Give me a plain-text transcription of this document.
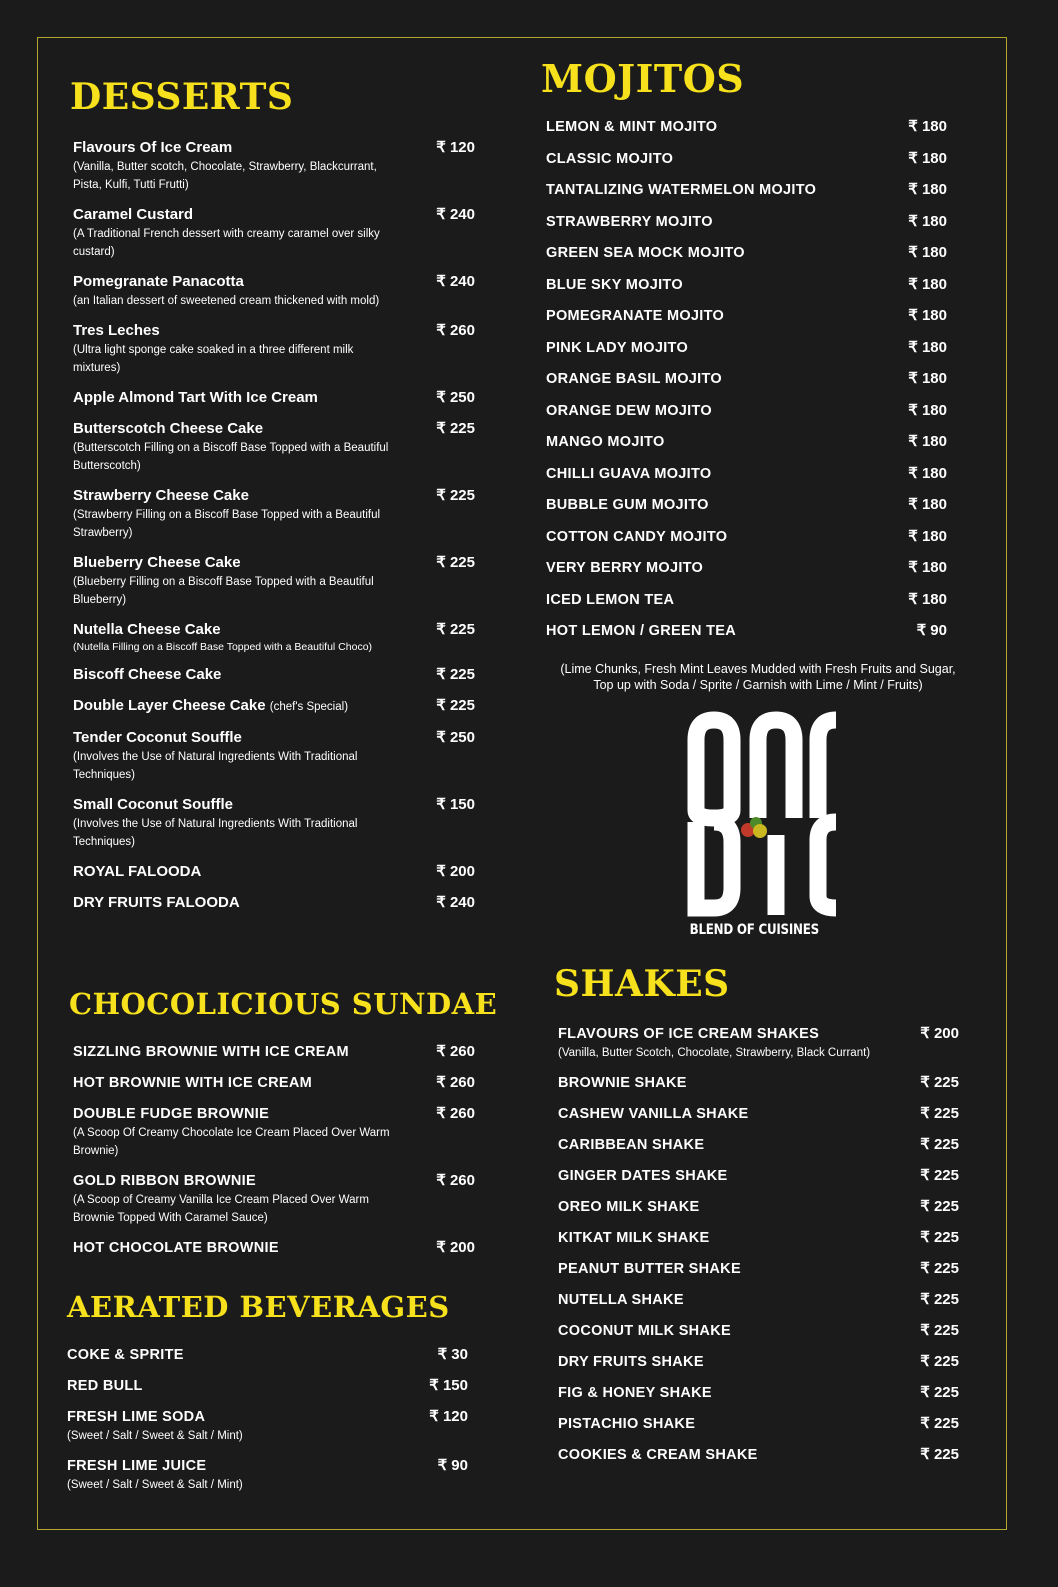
DESSERTS
Flavours Of Ice Cream	₹ 120
(Vanilla, Butter scotch, Chocolate, Strawberry, Blackcurrant, Pista, Kulfi, Tutti Frutti)
Caramel Custard	₹ 240
(A Traditional French dessert with creamy caramel over silky custard)
Pomegranate Panacotta	₹ 240
(an Italian dessert of sweetened cream thickened with mold)
Tres Leches	₹ 260
(Ultra light sponge cake soaked in a three different milk mixtures)
Apple Almond Tart With Ice Cream	₹ 250
Butterscotch Cheese Cake	₹ 225
(Butterscotch Filling on a Biscoff Base Topped with a Beautiful Butterscotch)
Strawberry Cheese Cake	₹ 225
(Strawberry Filling on a Biscoff Base Topped with a Beautiful Strawberry)
Blueberry Cheese Cake	₹ 225
(Blueberry Filling on a Biscoff Base Topped with a Beautiful Blueberry)
Nutella Cheese Cake	₹ 225
(Nutella Filling on a Biscoff Base Topped with a Beautiful Choco)
Biscoff Cheese Cake	₹ 225
Double Layer Cheese Cake (chef's Special)	₹ 225
Tender Coconut Souffle	₹ 250
(Involves the Use of Natural Ingredients With Traditional Techniques)
Small Coconut Souffle	₹ 150
(Involves the Use of Natural Ingredients With Traditional Techniques)
ROYAL FALOODA	₹ 200
DRY FRUITS FALOODA	₹ 240
CHOCOLICIOUS SUNDAE
SIZZLING BROWNIE WITH ICE CREAM	₹ 260
HOT BROWNIE WITH ICE CREAM	₹ 260
DOUBLE FUDGE BROWNIE	₹ 260
(A Scoop Of Creamy Chocolate Ice Cream Placed Over Warm Brownie)
GOLD RIBBON BROWNIE	₹ 260
(A Scoop of Creamy Vanilla Ice Cream Placed Over Warm Brownie Topped With Caramel Sauce)
HOT CHOCOLATE BROWNIE	₹ 200
AERATED BEVERAGES
COKE & SPRITE	₹ 30
RED BULL	₹ 150
FRESH LIME SODA	₹ 120
(Sweet / Salt / Sweet & Salt / Mint)
FRESH LIME JUICE	₹ 90
(Sweet / Salt / Sweet & Salt / Mint)
MOJITOS
LEMON & MINT MOJITO	₹ 180
CLASSIC MOJITO	₹ 180
TANTALIZING WATERMELON MOJITO	₹ 180
STRAWBERRY MOJITO	₹ 180
GREEN SEA MOCK MOJITO	₹ 180
BLUE SKY MOJITO	₹ 180
POMEGRANATE MOJITO	₹ 180
PINK LADY MOJITO	₹ 180
ORANGE BASIL MOJITO	₹ 180
ORANGE DEW MOJITO	₹ 180
MANGO MOJITO	₹ 180
CHILLI GUAVA MOJITO	₹ 180
BUBBLE GUM MOJITO	₹ 180
COTTON CANDY MOJITO	₹ 180
VERY BERRY MOJITO	₹ 180
ICED LEMON TEA	₹ 180
HOT LEMON / GREEN TEA	₹ 90
(Lime Chunks, Fresh Mint Leaves Mudded with Fresh Fruits and Sugar,
Top up with Soda / Sprite / Garnish with Lime / Mint / Fruits)
BLEND OF CUISINES
SHAKES
FLAVOURS OF ICE CREAM SHAKES	₹ 200
(Vanilla, Butter Scotch, Chocolate, Strawberry, Black Currant)
BROWNIE SHAKE	₹ 225
CASHEW VANILLA SHAKE	₹ 225
CARIBBEAN SHAKE	₹ 225
GINGER DATES SHAKE	₹ 225
OREO MILK SHAKE	₹ 225
KITKAT MILK SHAKE	₹ 225
PEANUT BUTTER SHAKE	₹ 225
NUTELLA SHAKE	₹ 225
COCONUT MILK SHAKE	₹ 225
DRY FRUITS SHAKE	₹ 225
FIG & HONEY SHAKE	₹ 225
PISTACHIO SHAKE	₹ 225
COOKIES & CREAM SHAKE	₹ 225
